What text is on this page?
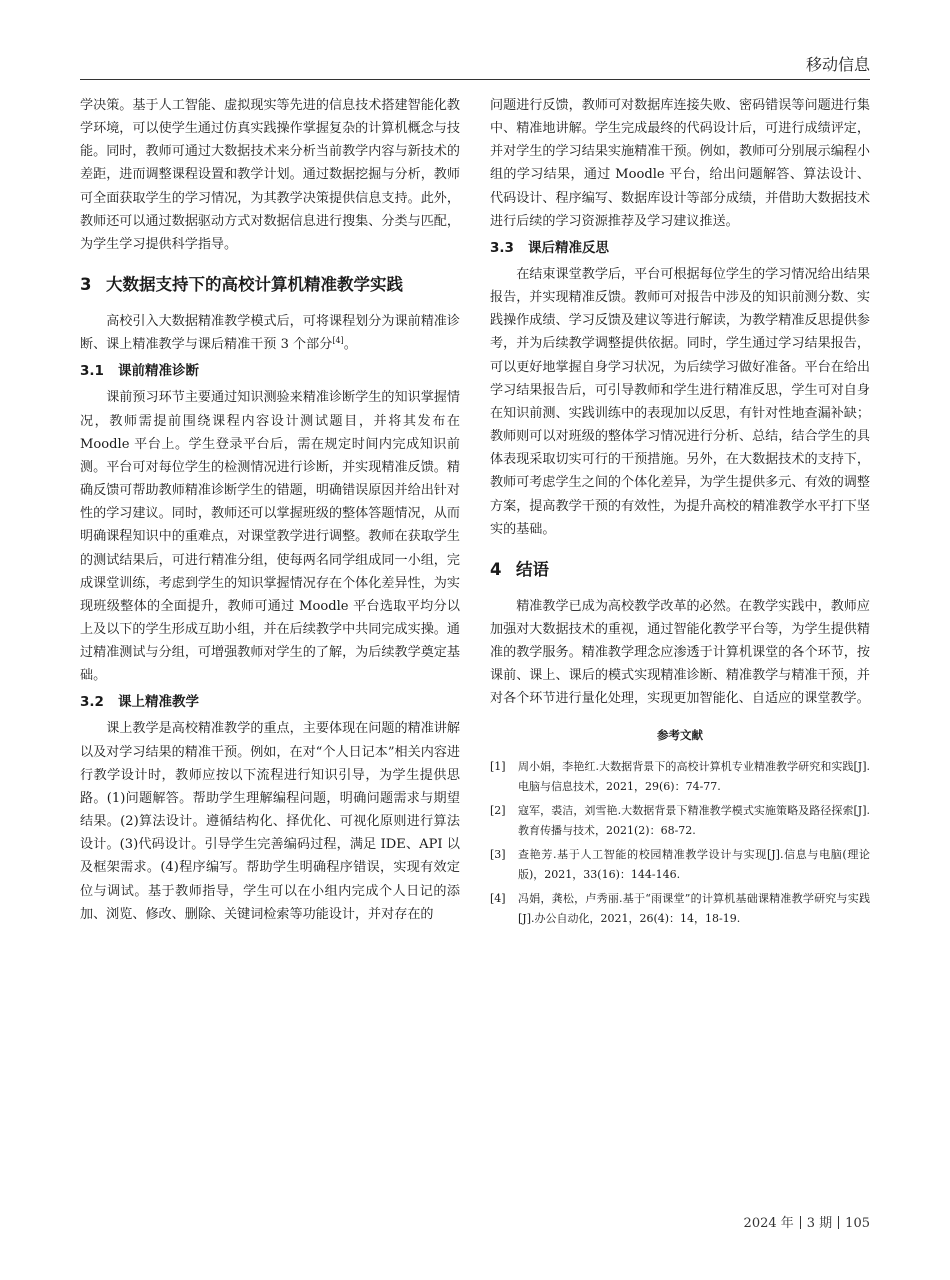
移动信息

学决策。基于人工智能、虚拟现实等先进的信息技术搭建智能化教学环境，可以使学生通过仿真实践操作掌握复杂的计算机概念与技能。同时，教师可通过大数据技术来分析当前教学内容与新技术的差距，进而调整课程设置和教学计划。通过数据挖掘与分析，教师可全面获取学生的学习情况，为其教学决策提供信息支持。此外，教师还可以通过数据驱动方式对数据信息进行搜集、分类与匹配，为学生学习提供科学指导。

3 大数据支持下的高校计算机精准教学实践

高校引入大数据精准教学模式后，可将课程划分为课前精准诊断、课上精准教学与课后精准干预 3 个部分[4]。

3.1 课前精准诊断

课前预习环节主要通过知识测验来精准诊断学生的知识掌握情况，教师需提前围绕课程内容设计测试题目，并将其发布在 Moodle 平台上。学生登录平台后，需在规定时间内完成知识前测。平台可对每位学生的检测情况进行诊断，并实现精准反馈。精确反馈可帮助教师精准诊断学生的错题，明确错误原因并给出针对性的学习建议。同时，教师还可以掌握班级的整体答题情况，从而明确课程知识中的重难点，对课堂教学进行调整。教师在获取学生的测试结果后，可进行精准分组，使每两名同学组成同一小组，完成课堂训练，考虑到学生的知识掌握情况存在个体化差异性，为实现班级整体的全面提升，教师可通过 Moodle 平台选取平均分以上及以下的学生形成互助小组，并在后续教学中共同完成实操。通过精准测试与分组，可增强教师对学生的了解，为后续教学奠定基础。

3.2 课上精准教学

课上教学是高校精准教学的重点，主要体现在问题的精准讲解以及对学习结果的精准干预。例如，在对“个人日记本”相关内容进行教学设计时，教师应按以下流程进行知识引导，为学生提供思路。(1)问题解答。帮助学生理解编程问题，明确问题需求与期望结果。(2)算法设计。遵循结构化、择优化、可视化原则进行算法设计。(3)代码设计。引导学生完善编码过程，满足 IDE、API 以及框架需求。(4)程序编写。帮助学生明确程序错误，实现有效定位与调试。基于教师指导，学生可以在小组内完成个人日记的添加、浏览、修改、删除、关键词检索等功能设计，并对存在的

问题进行反馈，教师可对数据库连接失败、密码错误等问题进行集中、精准地讲解。学生完成最终的代码设计后，可进行成绩评定，并对学生的学习结果实施精准干预。例如，教师可分别展示编程小组的学习结果，通过 Moodle 平台，给出问题解答、算法设计、代码设计、程序编写、数据库设计等部分成绩，并借助大数据技术进行后续的学习资源推荐及学习建议推送。

3.3 课后精准反思

在结束课堂教学后，平台可根据每位学生的学习情况给出结果报告，并实现精准反馈。教师可对报告中涉及的知识前测分数、实践操作成绩、学习反馈及建议等进行解读，为教学精准反思提供参考，并为后续教学调整提供依据。同时，学生通过学习结果报告，可以更好地掌握自身学习状况，为后续学习做好准备。平台在给出学习结果报告后，可引导教师和学生进行精准反思，学生可对自身在知识前测、实践训练中的表现加以反思，有针对性地查漏补缺；教师则可以对班级的整体学习情况进行分析、总结，结合学生的具体表现采取切实可行的干预措施。另外，在大数据技术的支持下，教师可考虑学生之间的个体化差异，为学生提供多元、有效的调整方案，提高教学干预的有效性，为提升高校的精准教学水平打下坚实的基础。

4 结语

精准教学已成为高校教学改革的必然。在教学实践中，教师应加强对大数据技术的重视，通过智能化教学平台等，为学生提供精准的教学服务。精准教学理念应渗透于计算机课堂的各个环节，按课前、课上、课后的模式实现精准诊断、精准教学与精准干预，并对各个环节进行量化处理，实现更加智能化、自适应的课堂教学。

参考文献
[1] 周小娟，李艳红.大数据背景下的高校计算机专业精准教学研究和实践[J].电脑与信息技术，2021，29(6)：74-77.
[2] 寇军，裘洁，刘雪艳.大数据背景下精准教学模式实施策略及路径探索[J].教育传播与技术，2021(2)：68-72.
[3] 查艳芳.基于人工智能的校园精准教学设计与实现[J].信息与电脑(理论版)，2021，33(16)：144-146.
[4] 冯娟，龚松，卢秀丽.基于“雨课堂”的计算机基础课精准教学研究与实践[J].办公自动化，2021，26(4)：14，18-19.
2024 年 3 期 105
